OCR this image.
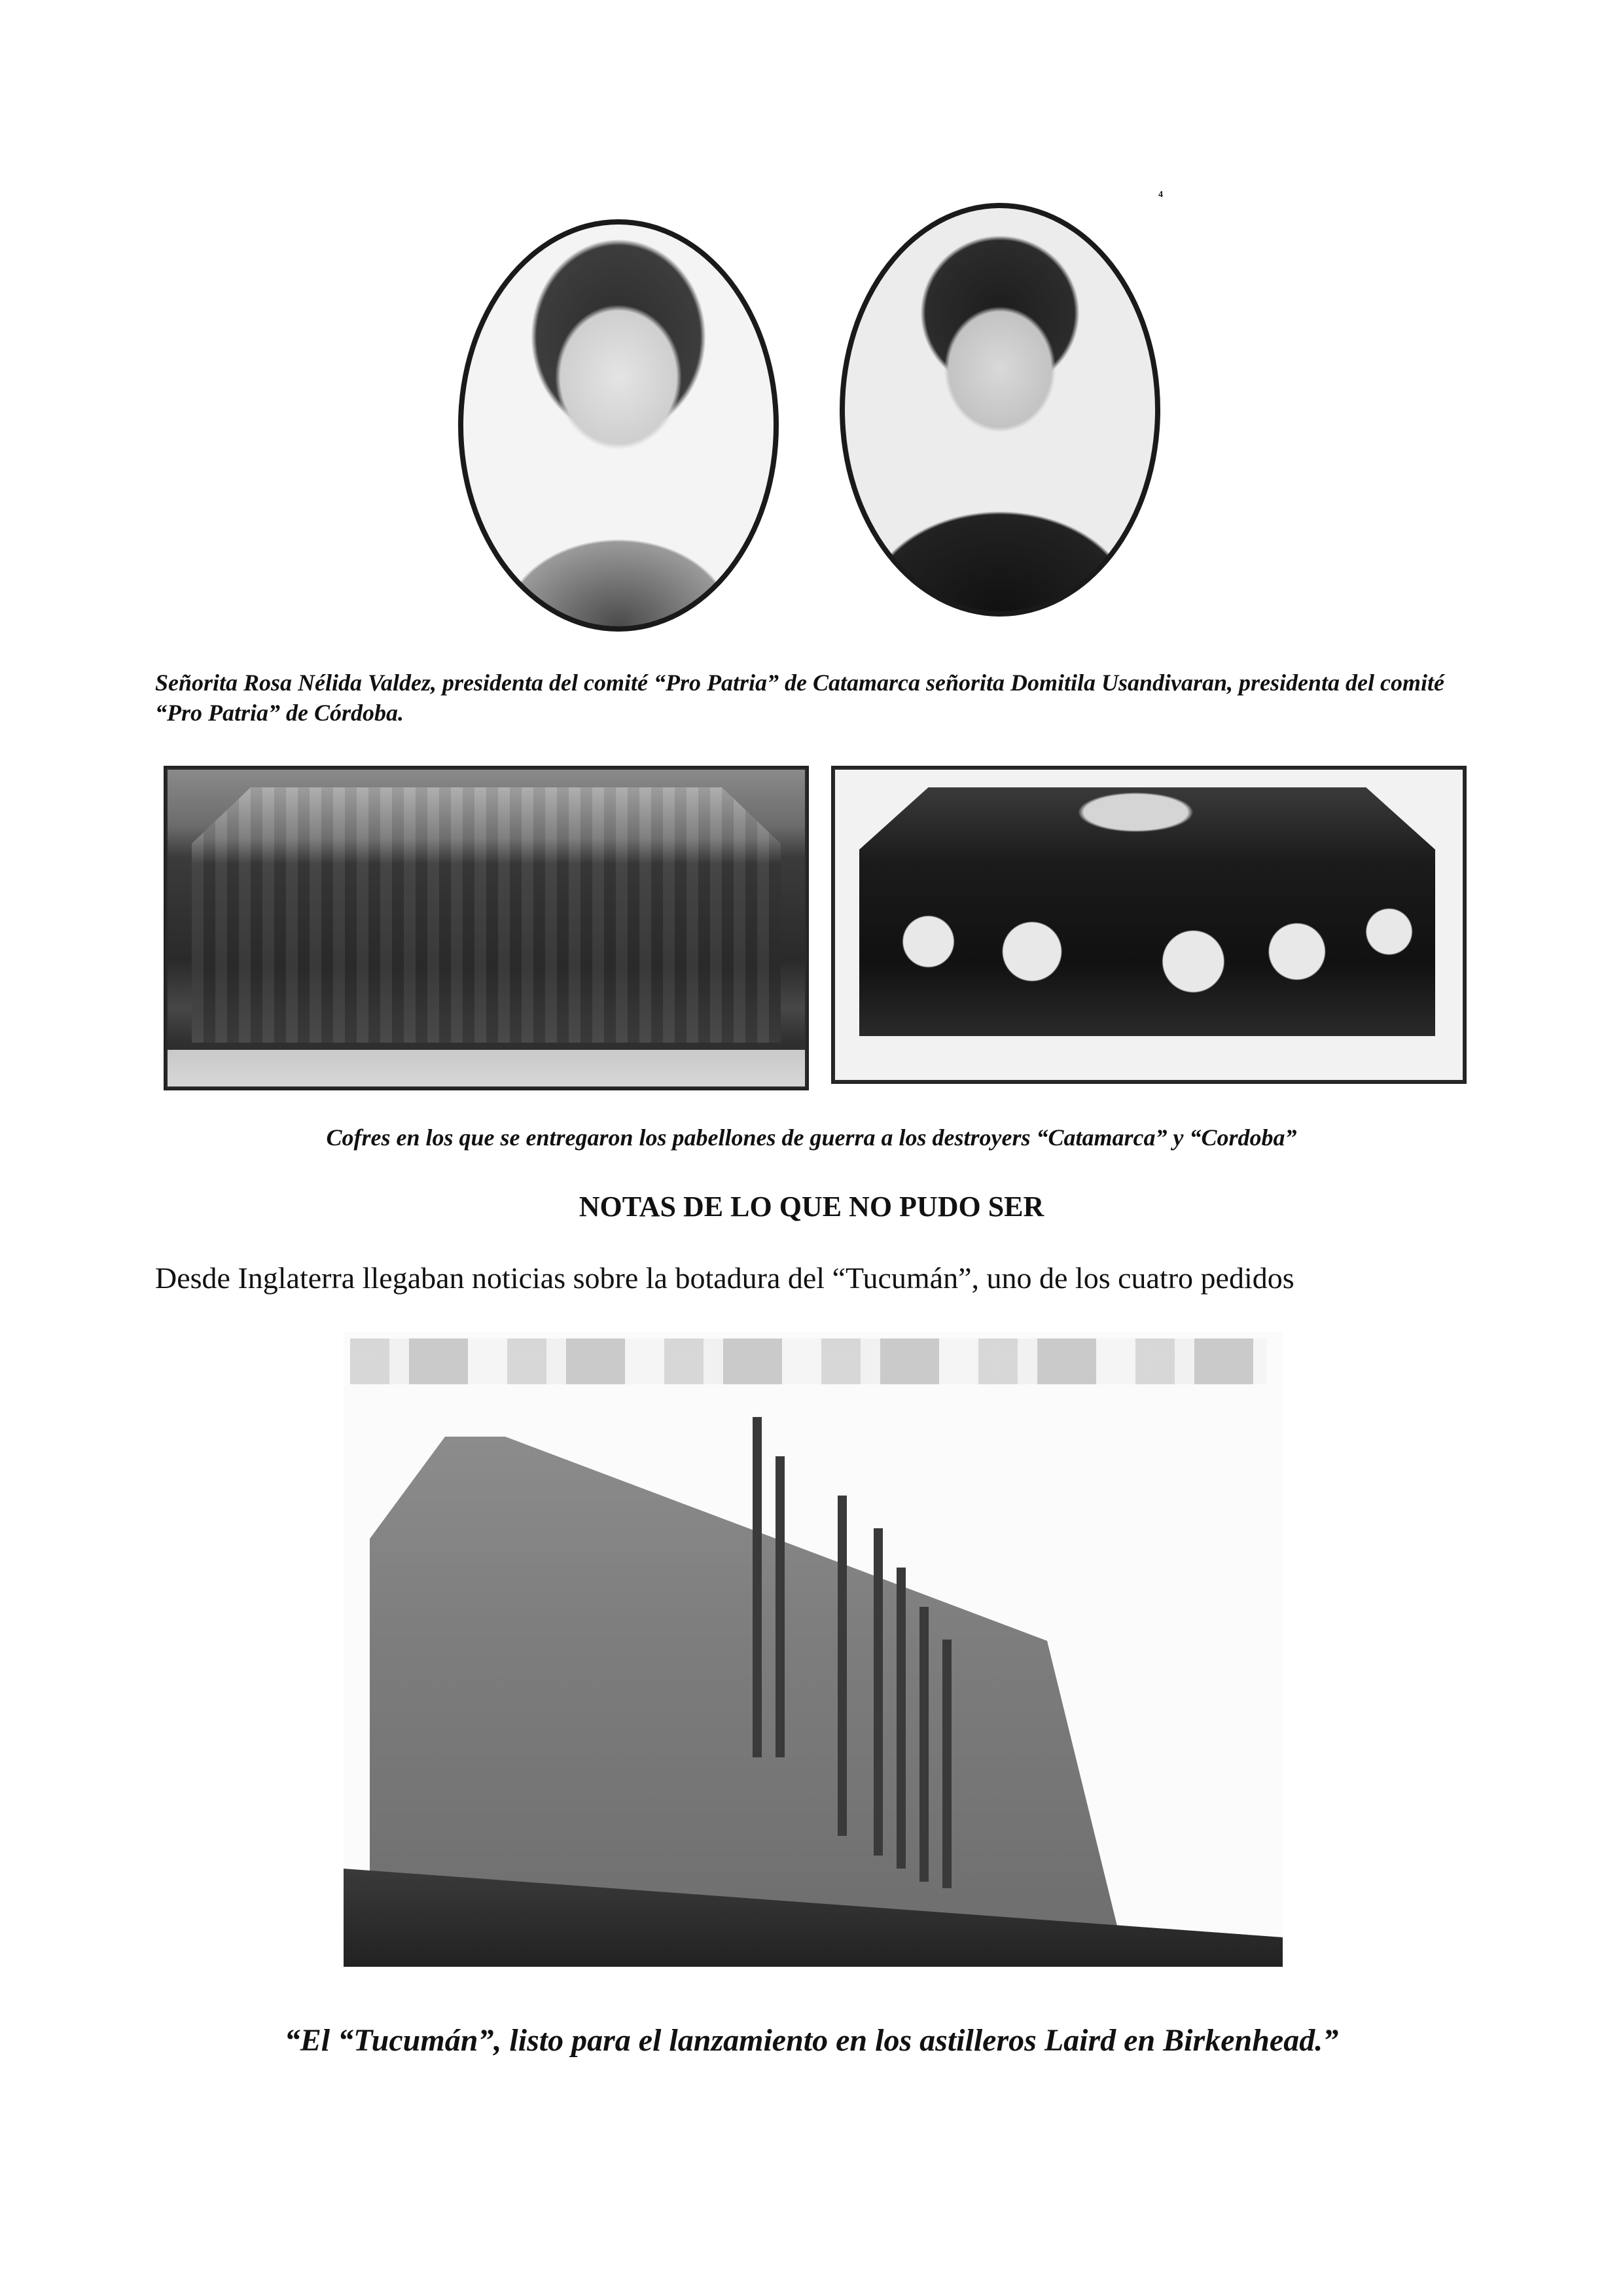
4
Señorita Rosa Nélida Valdez, presidenta del comité “Pro Patria” de Catamarca señorita Domitila Usandivaran, presidenta del comité “Pro Patria” de Córdoba.
Cofres en los que se entregaron los pabellones de guerra a los destroyers “Catamarca” y “Cordoba”
NOTAS DE LO QUE NO PUDO SER
Desde Inglaterra llegaban noticias sobre la botadura del “Tucumán”, uno de los cuatro pedidos
“El “Tucumán”, listo para el lanzamiento en los astilleros Laird en Birkenhead.”
